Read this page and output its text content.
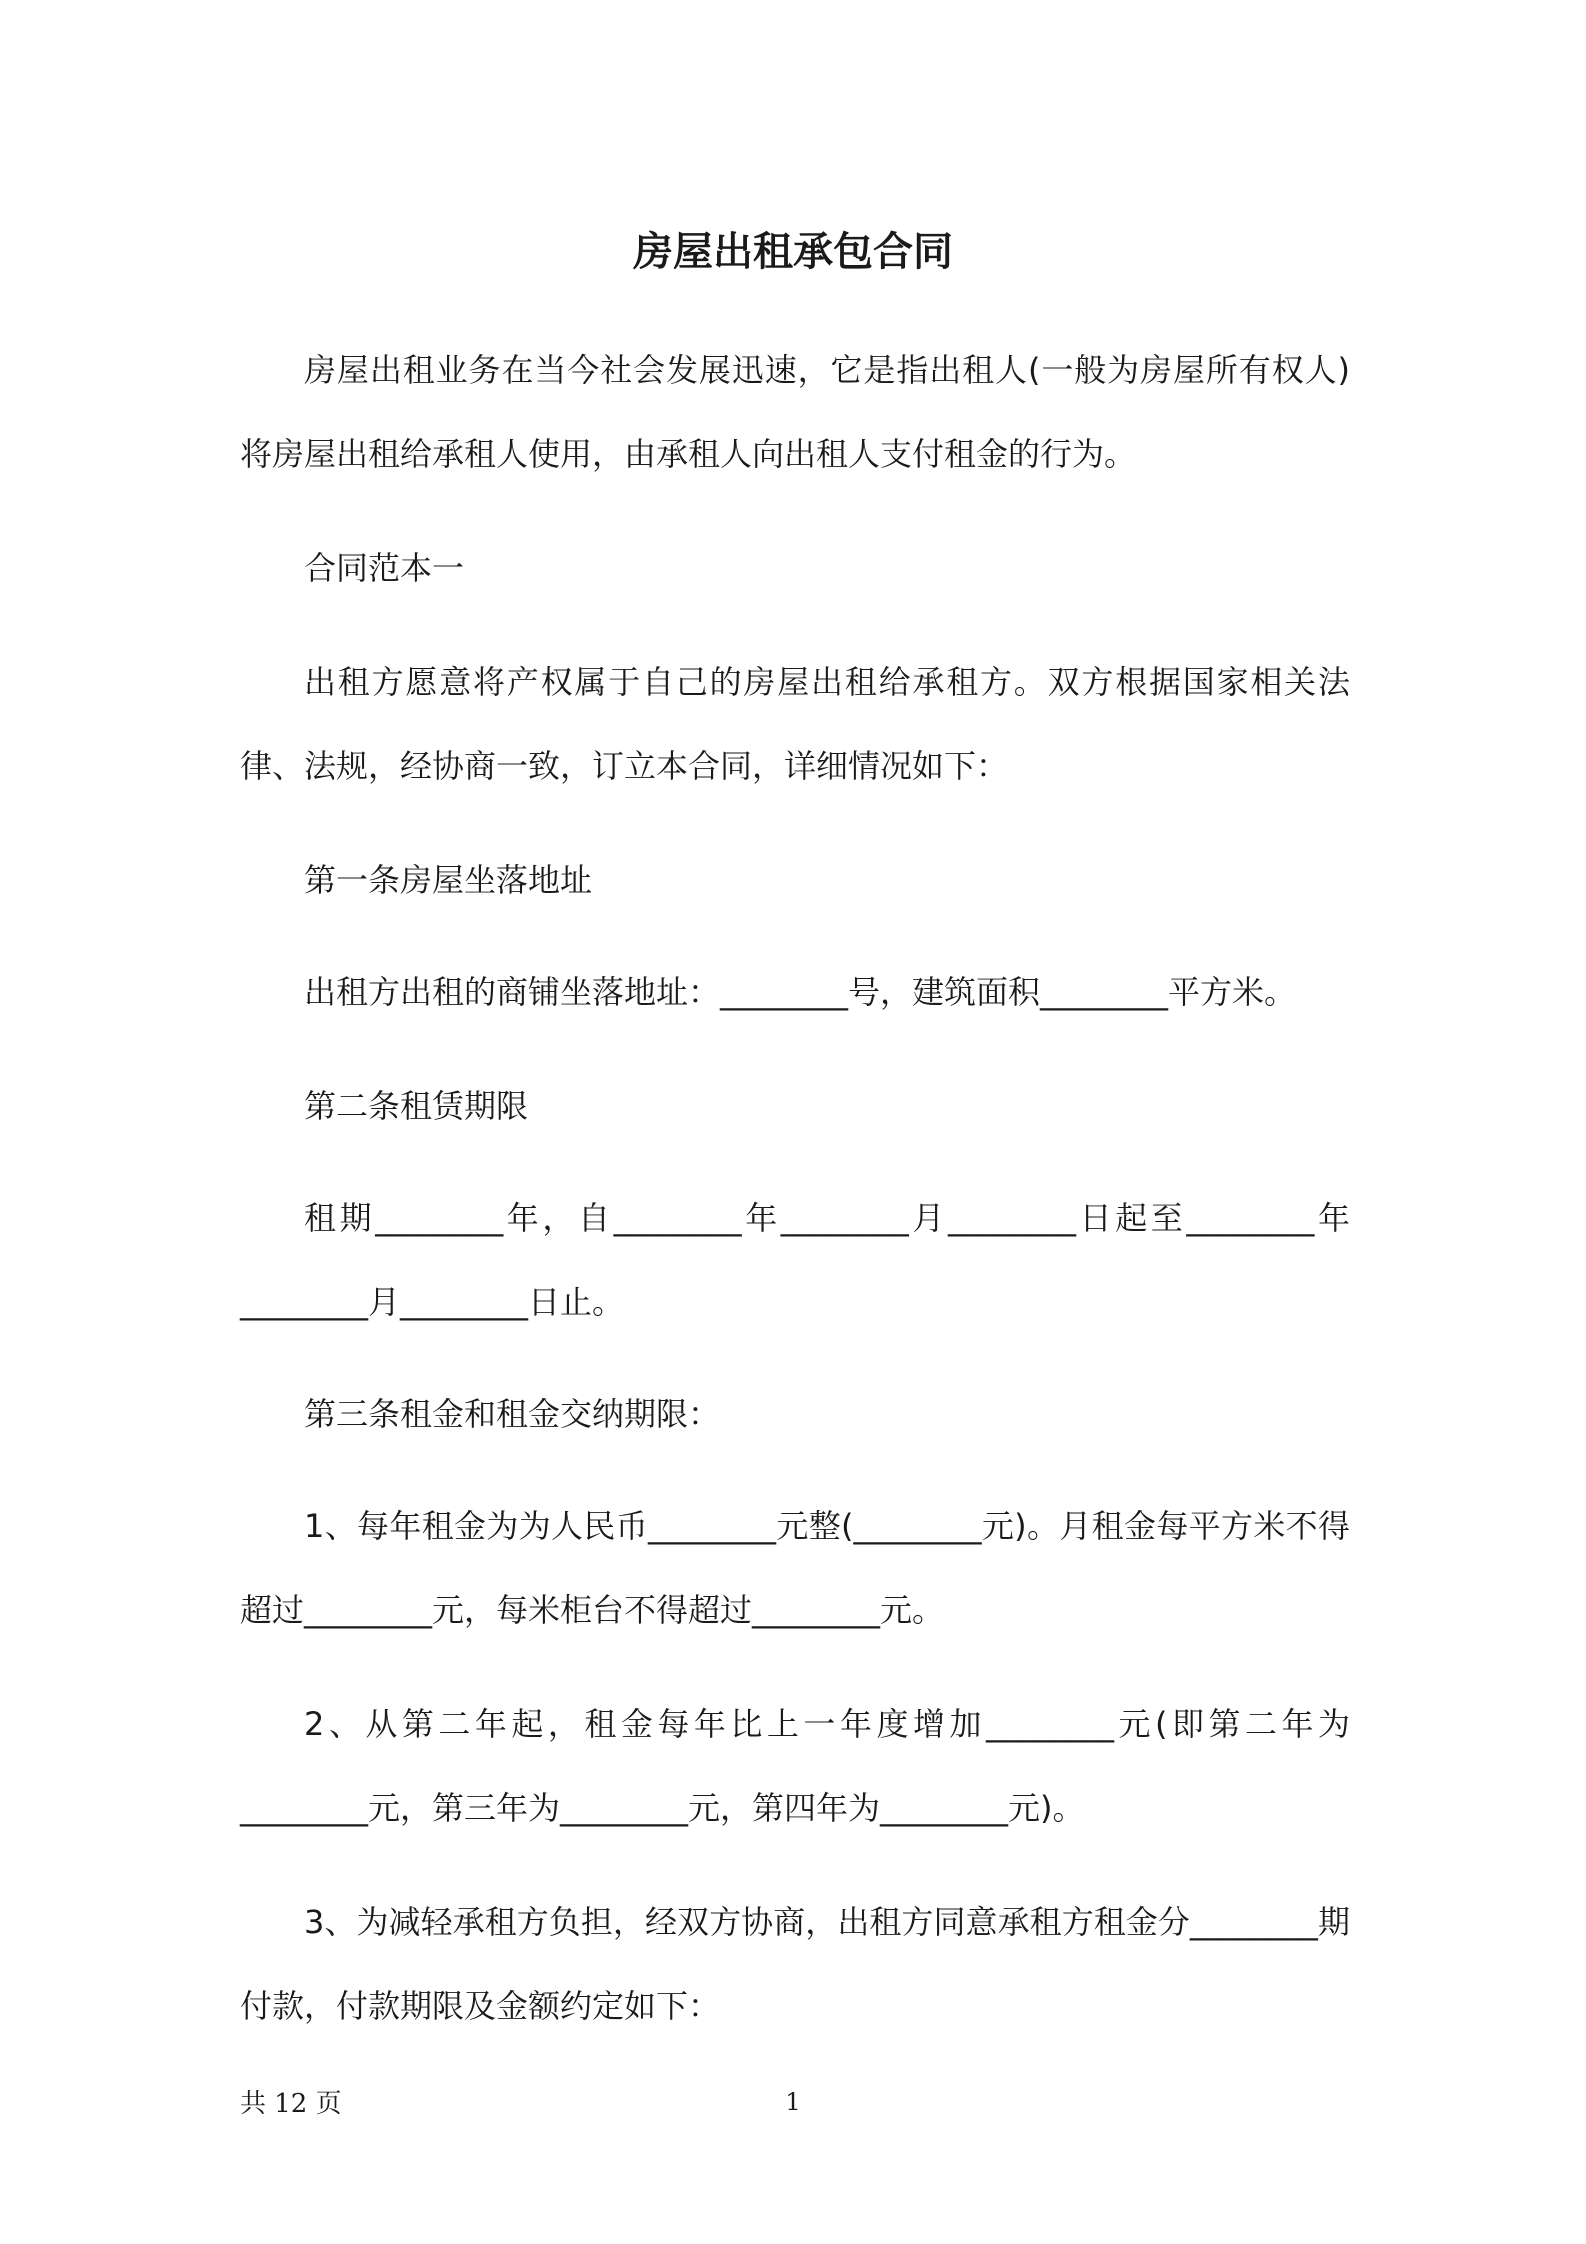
房屋出租承包合同

房屋出租业务在当今社会发展迅速，它是指出租人(一般为房屋所有权人)将房屋出租给承租人使用，由承租人向出租人支付租金的行为。

合同范本一

出租方愿意将产权属于自己的房屋出租给承租方。双方根据国家相关法律、法规，经协商一致，订立本合同，详细情况如下：

第一条房屋坐落地址

出租方出租的商铺坐落地址：________号，建筑面积________平方米。

第二条租赁期限

租期________年，自________年________月________日起至________年________月________日止。

第三条租金和租金交纳期限：

1、每年租金为为人民币________元整(________元)。月租金每平方米不得超过________元，每米柜台不得超过________元。

2、从第二年起，租金每年比上一年度增加________元(即第二年为________元，第三年为________元，第四年为________元)。

3、为减轻承租方负担，经双方协商，出租方同意承租方租金分________期付款，付款期限及金额约定如下：

共 12 页	1
